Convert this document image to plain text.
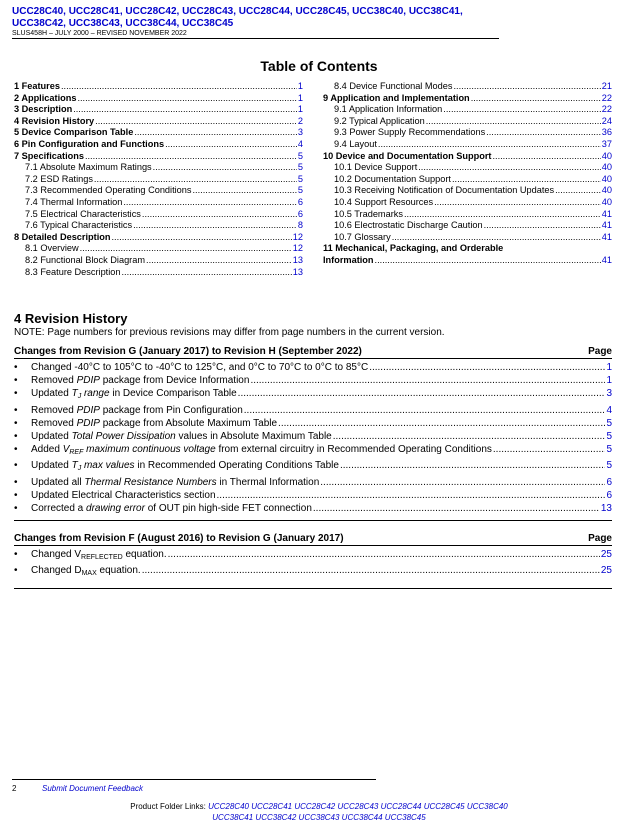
UCC28C40, UCC28C41, UCC28C42, UCC28C43, UCC28C44, UCC28C45, UCC38C40, UCC38C41,
UCC38C42, UCC38C43, UCC38C44, UCC38C45
SLUS458H – JULY 2000 – REVISED NOVEMBER 2022
Table of Contents
1 Features .....	1
2 Applications .....	1
3 Description .....	1
4 Revision History .....	2
5 Device Comparison Table .....	3
6 Pin Configuration and Functions .....	4
7 Specifications .....	5
7.1 Absolute Maximum Ratings .....	5
7.2 ESD Ratings .....	5
7.3 Recommended Operating Conditions .....	5
7.4 Thermal Information .....	6
7.5 Electrical Characteristics .....	6
7.6 Typical Characteristics .....	8
8 Detailed Description .....	12
8.1 Overview .....	12
8.2 Functional Block Diagram .....	13
8.3 Feature Description .....	13
8.4 Device Functional Modes .....	21
9 Application and Implementation .....	22
9.1 Application Information .....	22
9.2 Typical Application .....	24
9.3 Power Supply Recommendations .....	36
9.4 Layout .....	37
10 Device and Documentation Support .....	40
10.1 Device Support .....	40
10.2 Documentation Support .....	40
10.3 Receiving Notification of Documentation Updates .....	40
10.4 Support Resources .....	40
10.5 Trademarks .....	41
10.6 Electrostatic Discharge Caution .....	41
10.7 Glossary .....	41
11 Mechanical, Packaging, and Orderable
Information .....	41
4 Revision History
NOTE: Page numbers for previous revisions may differ from page numbers in the current version.
Changes from Revision G (January 2017) to Revision H (September 2022)	Page
•	Changed -40°C to 105°C to -40°C to 125°C, and 0°C to 70°C to 0°C to 85°C .....	1
•	Removed PDIP package from Device Information .....	1
•	Updated $T_J$ range in Device Comparison Table .....	3
•	Removed PDIP package from Pin Configuration .....	4
•	Removed PDIP package from Absolute Maximum Table .....	5
•	Updated Total Power Dissipation values in Absolute Maximum Table .....	5
•	Added $V_{REF}$ maximum continuous voltage from external circuitry in Recommended Operating Conditions .....	5
•	Updated $T_J$ max values in Recommended Operating Conditions Table .....	5
•	Updated all Thermal Resistance Numbers in Thermal Information .....	6
•	Updated Electrical Characteristics section .....	6
•	Corrected a drawing error of OUT pin high-side FET connection .....	13
Changes from Revision F (August 2016) to Revision G (January 2017)	Page
•	Changed $V_{REFLECTED}$ equation. .....	25
•	Changed $D_{MAX}$ equation. .....	25
2	Submit Document Feedback
Product Folder Links: UCC28C40 UCC28C41 UCC28C42 UCC28C43 UCC28C44 UCC28C45 UCC38C40
UCC38C41 UCC38C42 UCC38C43 UCC38C44 UCC38C45
